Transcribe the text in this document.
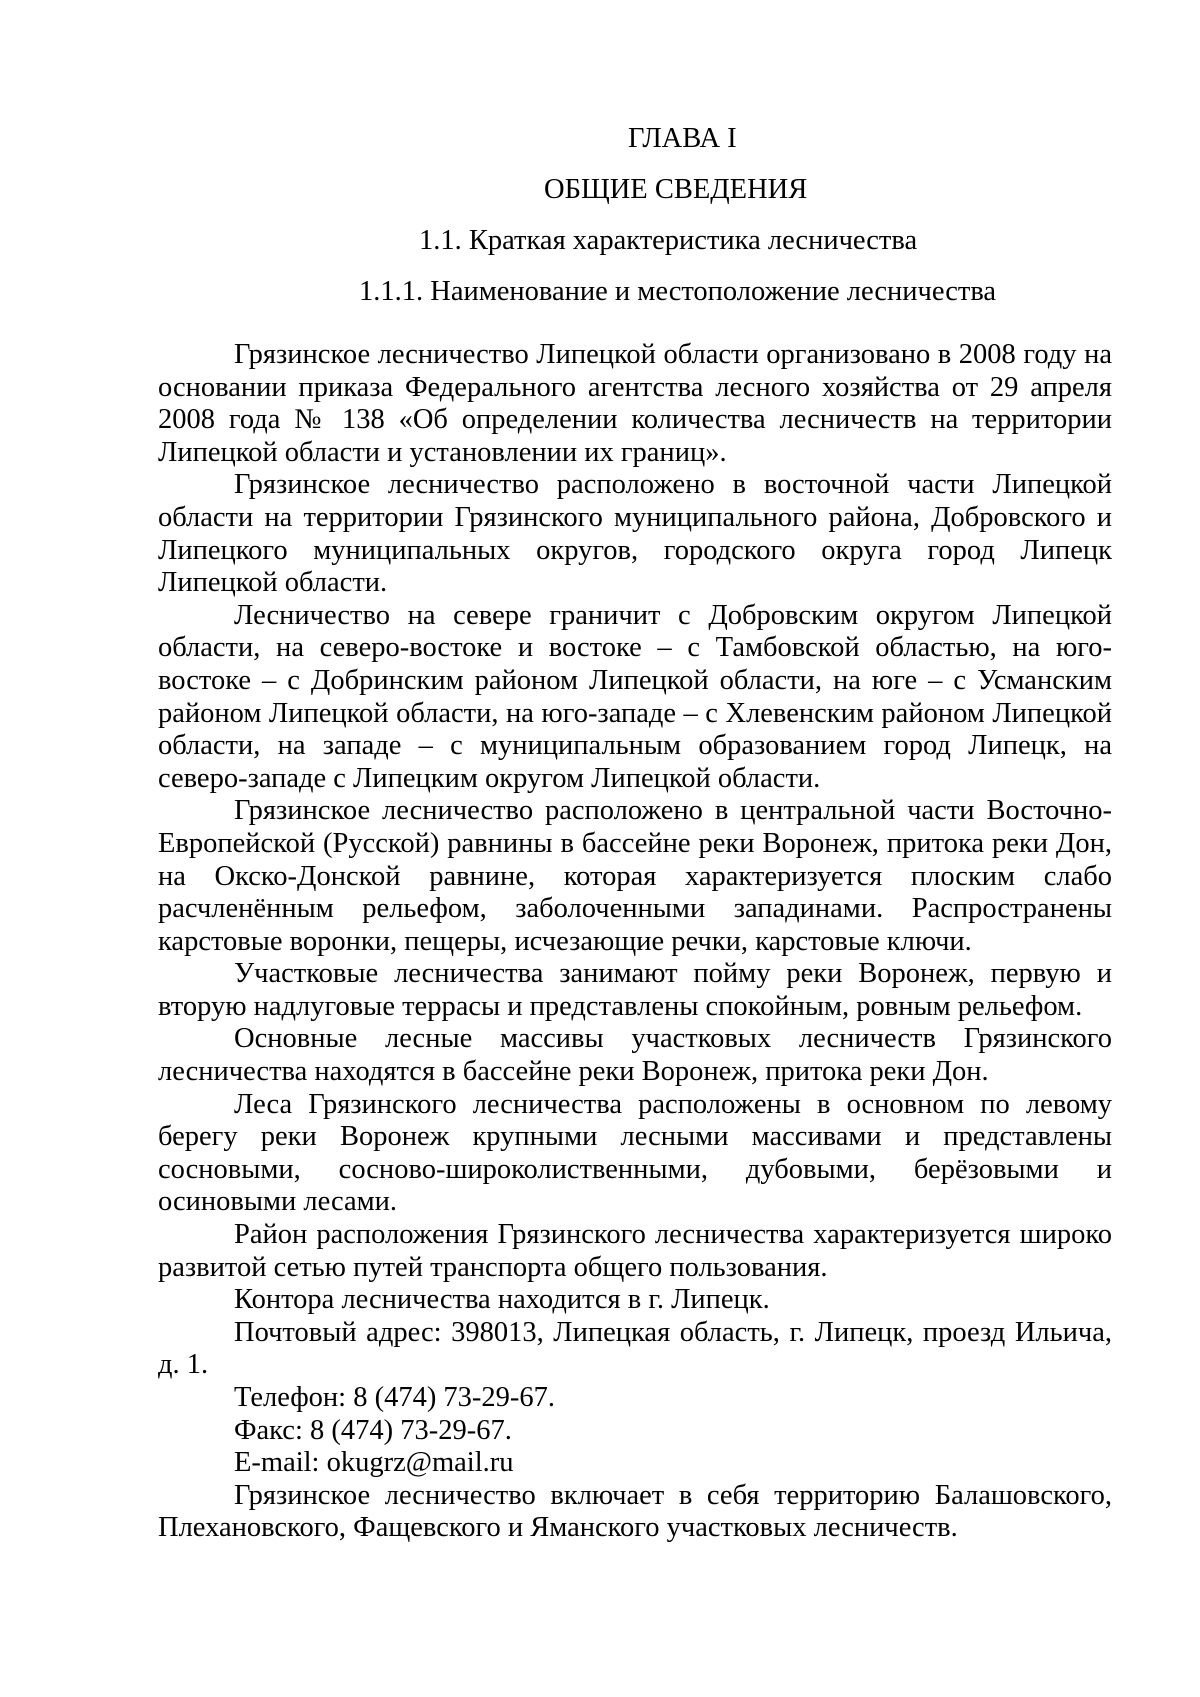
ГЛАВА I
ОБЩИЕ СВЕДЕНИЯ
1.1. Краткая характеристика лесничества
1.1.1. Наименование и местоположение лесничества

Грязинское лесничество Липецкой области организовано в 2008 году на основании приказа Федерального агентства лесного хозяйства от 29 апреля 2008 года № 138 «Об определении количества лесничеств на территории Липецкой области и установлении их границ».

Грязинское лесничество расположено в восточной части Липецкой области на территории Грязинского муниципального района, Добровского и Липецкого муниципальных округов, городского округа город Липецк Липецкой области.

Лесничество на севере граничит с Добровским округом Липецкой области, на северо-востоке и востоке – с Тамбовской областью, на юго-востоке – с Добринским районом Липецкой области, на юге – с Усманским районом Липецкой области, на юго-западе – с Хлевенским районом Липецкой области, на западе – с муниципальным образованием город Липецк, на северо-западе с Липецким округом Липецкой области.

Грязинское лесничество расположено в центральной части Восточно-Европейской (Русской) равнины в бассейне реки Воронеж, притока реки Дон, на Окско-Донской равнине, которая характеризуется плоским слабо расчленённым рельефом, заболоченными западинами. Распространены карстовые воронки, пещеры, исчезающие речки, карстовые ключи.

Участковые лесничества занимают пойму реки Воронеж, первую и вторую надлуговые террасы и представлены спокойным, ровным рельефом.

Основные лесные массивы участковых лесничеств Грязинского лесничества находятся в бассейне реки Воронеж, притока реки Дон.

Леса Грязинского лесничества расположены в основном по левому берегу реки Воронеж крупными лесными массивами и представлены сосновыми, сосново-широколиственными, дубовыми, берёзовыми и осиновыми лесами.

Район расположения Грязинского лесничества характеризуется широко развитой сетью путей транспорта общего пользования.

Контора лесничества находится в г. Липецк.

Почтовый адрес: 398013, Липецкая область, г. Липецк, проезд Ильича, д. 1.

Телефон: 8 (474) 73-29-67.

Факс: 8 (474) 73-29-67.

E-mail: okugrz@mail.ru

Грязинское лесничество включает в себя территорию Балашовского, Плехановского, Фащевского и Яманского участковых лесничеств.
